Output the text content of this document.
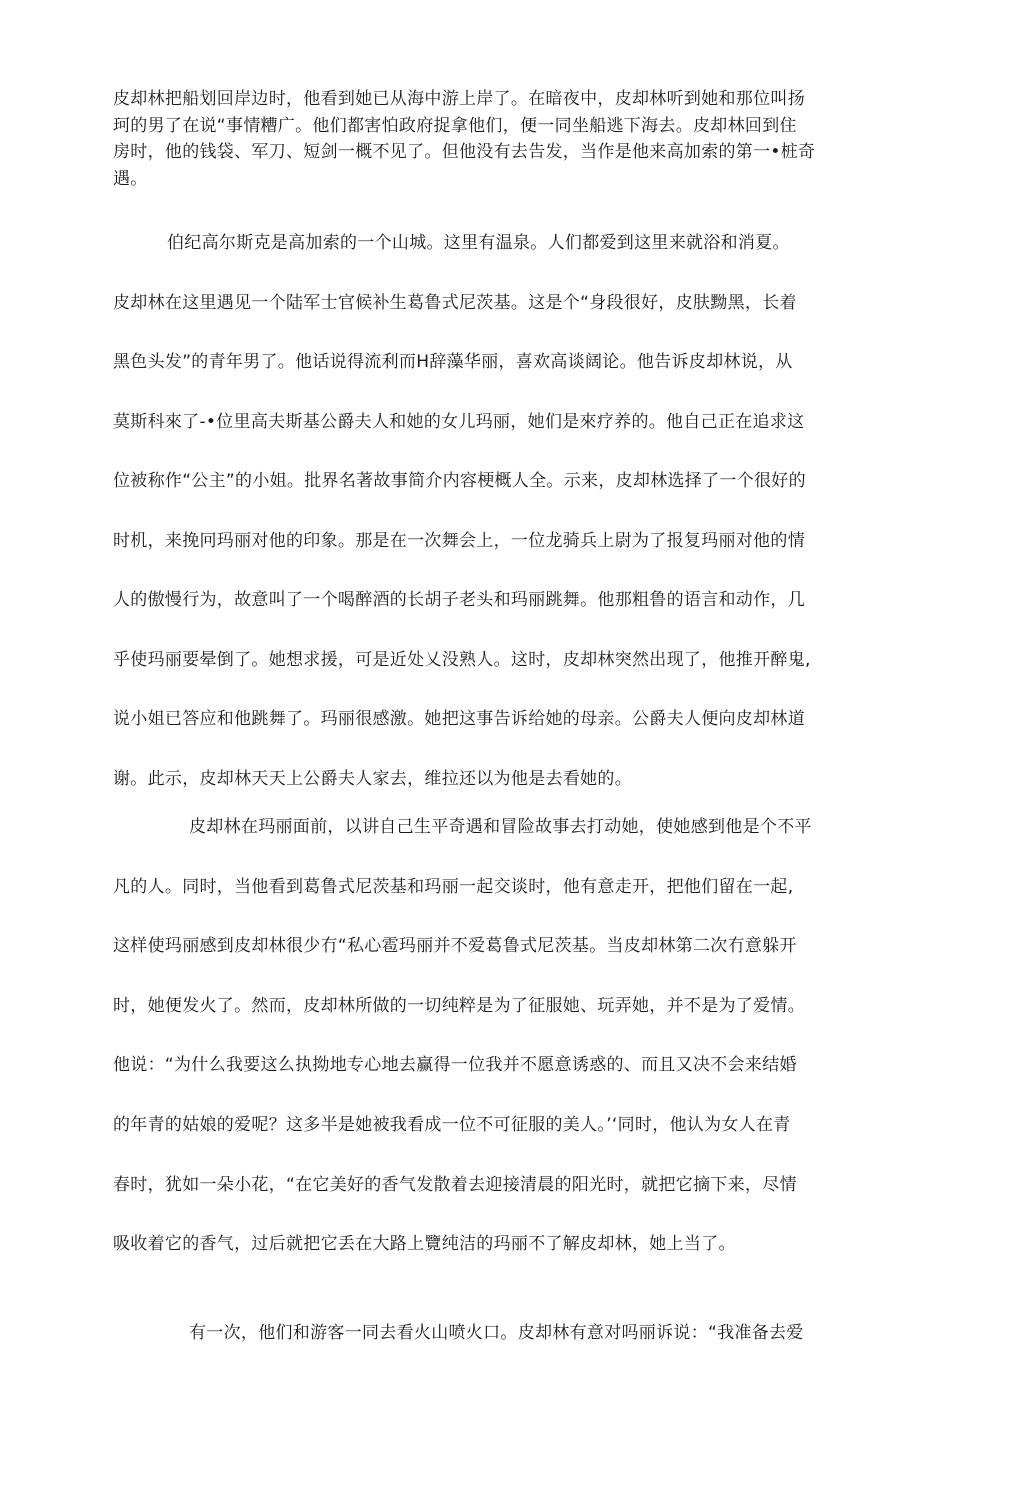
皮却林把船划回岸边时，他看到她已从海中游上岸了。在暗夜中，皮却林听到她和那位叫扬

珂的男了在说“事情糟广。他们都害怕政府捉拿他们，便一同坐船逃下海去。皮却林回到住

房时，他的钱袋、军刀、短剑一概不见了。但他没有去告发，当作是他来高加索的第一•桩奇

遇。

伯纪高尔斯克是高加索的一个山城。这里有温泉。人们都爱到这里来就浴和消夏。

皮却林在这里遇见一个陆军士官候补生葛鲁式尼茨基。这是个“身段很好，皮肤黝黑，长着

黑色头发”的青年男了。他话说得流利而H辞藻华丽，喜欢高谈阔论。他告诉皮却林说，从

莫斯科來了-•位里高夫斯基公爵夫人和她的女儿玛丽，她们是來疗养的。他自己正在追求这

位被称作“公主”的小姐。批界名著故事简介内容梗概人全。示来，皮却林选择了一个很好的

时机，来挽冋玛丽对他的印象。那是在一次舞会上，一位龙骑兵上尉为了报复玛丽对他的情

人的傲慢行为，故意叫了一个喝醉酒的长胡子老头和玛丽跳舞。他那粗鲁的语言和动作，几

乎使玛丽要晕倒了。她想求援，可是近处乂没熟人。这时，皮却林突然出现了，他推开醉鬼,

说小姐已答应和他跳舞了。玛丽很感激。她把这事告诉给她的母亲。公爵夫人便向皮却林道

谢。此示，皮却林天天上公爵夫人家去，维拉还以为他是去看她的。

皮却林在玛丽面前，以讲自己生平奇遇和冒险故事去打动她，使她感到他是个不平

凡的人。同时，当他看到葛鲁式尼茨基和玛丽一起交谈时，他有意走开，把他们留在一起,

这样使玛丽感到皮却林很少冇“私心雹玛丽并不爱葛鲁式尼茨基。当皮却林第二次冇意躲开

时，她便发火了。然而，皮却林所做的一切纯粹是为了征服她、玩弄她，并不是为了爱情。

他说：“为什么我要这么执拗地专心地去赢得一位我并不愿意诱惑的、而且又决不会来结婚

的年青的姑娘的爱呢？这多半是她被我看成一位不可征服的美人。’‘同时，他认为女人在青

春时，犹如一朵小花，“在它美好的香气发散着去迎接清晨的阳光时，就把它摘下来，尽情

吸收着它的香气，过后就把它丢在大路上覽纯洁的玛丽不了解皮却林，她上当了。

有一次，他们和游客一同去看火山喷火口。皮却林有意对吗丽诉说：“我准备去爱
